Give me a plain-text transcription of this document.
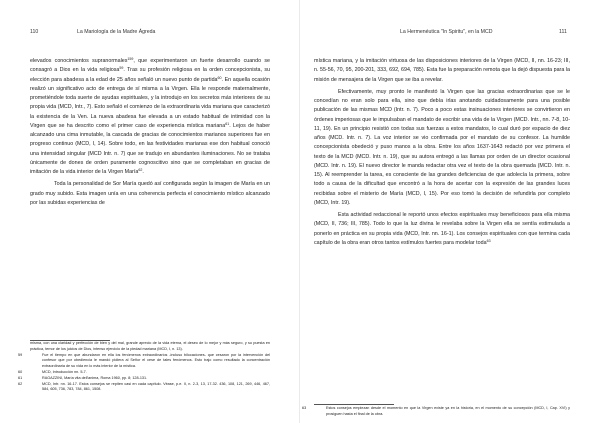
110	La Mariología de la Madre Ágreda

elevados conocimientos supranormales$^{159}$, que experimentaron un fuerte desarrollo cuando se consagró a Dios en la vida religiosa$^{59}$. Tras su profesión religiosa en la orden concepcionista, su elección para abadesa a la edad de 25 años señaló un nuevo punto de partida$^{60}$. En aquella ocasión realizó un significativo acto de entrega de sí misma a la Virgen. Ella le responde maternalmente, prometiéndole toda suerte de ayudas espirituales, y la introdujo en los secretos más interiores de su propia vida (MCD, Intr., 7). Esto señaló el comienzo de la extraordinaria vida mariana que caracterizó la existencia de la Ven. La nueva abadesa fue elevada a un estado habitual de intimidad con la Virgen que se ha descrito como el primer caso de experiencia mística mariana$^{61}$. Lejos de haber alcanzado una cima inmutable, la cascada de gracias de conocimientos marianos superiores fue en progreso continuo (MCD, I, 14). Sobre todo, en las festividades marianas ese don habitual conoció una intensidad singular (MCD Intr. n. 7) que se tradujo en abundantes iluminaciones. No se trataba únicamente de dones de orden puramente cognoscitivo sino que se completaban en gracias de imitación de la vida interior de la Virgen María$^{62}$.

Toda la personalidad de Sor María quedó así configurada según la imagen de María en un grado muy subido. Esta imagen unía en una coherencia perfecta el conocimiento místico alcanzado por las subidas experiencias de

misma, con una claridad y perfección de bien y del mal, grande aprecio de la vida eterna, el deseo de lo mejor y más seguro, y su puesta en práctica, temor de los juicios de Dios, intenso ejercicio de la piedad mariana (MCD, I, n. 13).

59	Fue el tiempo en que abundaron en ella los fenómenos extraordinarios -incluso bilocaciones- que cesaron por la intervención del confesor que por obediencia le mandó pidiera al Señor el cese de tales fenómenos. Esto trajo como resultado la concentración extraordinaria de su vida en lo más interior de la mística.

60	MCD, Introducción nn. 5-7.

61	RAGAZZINI, María vita dell'anima, Roma 1960, pp. 8; 128-131.

62	MCD, Intr. nn. 16-17. Estos consejos se repiten casi en cada capítulo. Véase, p.e. II, n. 2-3, 13, 17-32. 436, 108, 121, 269, 446, 467, 584, 605, 736, 783, 784, 861, 1508.

La Hermenéutica "In Spiritu", en la MCD	111

mística mariana, y la imitación virtuosa de las disposiciones interiores de la Virgen (MCD, II, nn. 16-23; III, n. 55-56, 70, 95, 200-201, 333, 692, 694, 785). Esta fue la preparación remota que la dejó dispuesta para la misión de mensajera de la Virgen que se iba a revelar.

Efectivamente, muy pronto le manifestó la Virgen que las gracias extraordinarias que se le concedían no eran solo para ella, sino que debía irlas anotando cuidadosamente para una posible publicación de las mismas MCD (Intr. n. 7). Poco a poco estas insinuaciones interiores se convirtieron en órdenes imperiosas que le impulsaban el mandato de escribir una vida de la Virgen (MCD. Intr., nn. 7-8, 10-11, 19). En un principio resistió con todas sus fuerzas a estos mandatos, lo cual duró por espacio de diez años (MCD. Intr. n. 7). La voz interior se vio confirmada por el mandato de su confesor. La humilde concepcionista obedeció y puso manos a la obra. Entre los años 1637-1643 redactó por vez primera el texto de la MCD (MCD. Intr. n. 19), que su autora entregó a las llamas por orden de un director ocasional (MCD. Intr. n. 19). El nuevo director le manda redactar otra vez el texto de la obra quemada (MCD. Intr. n. 15). Al reemprender la tarea, es consciente de las grandes deficiencias de que adolecía la primera, sobre todo a causa de la dificultad que encontró a la hora de acertar con la expresión de las grandes luces recibidas sobre el misterio de María (MCD, I, 15). Por eso tomó la decisión de refundirla por completo (MCD, Intr. 19).

Esta actividad redaccional le reportó unos efectos espirituales muy beneficiosos para ella misma (MCD, II, 736; III, 785). Todo lo que la luz divina le revelaba sobre la Virgen ella se sentía estimulada a ponerlo en práctica en su propia vida (MCD, Intr. nn. 16-1). Los consejos espirituales con que termina cada capítulo de la obra eran otros tantos estímulos fuertes para modelar toda$^{63}$

63	Estos consejos empiezan desde el momento en que la Virgen existe ya en la historia, en el momento de su concepción (MCD, I, Cap. XVI) y prosiguen hasta el final de la obra.
